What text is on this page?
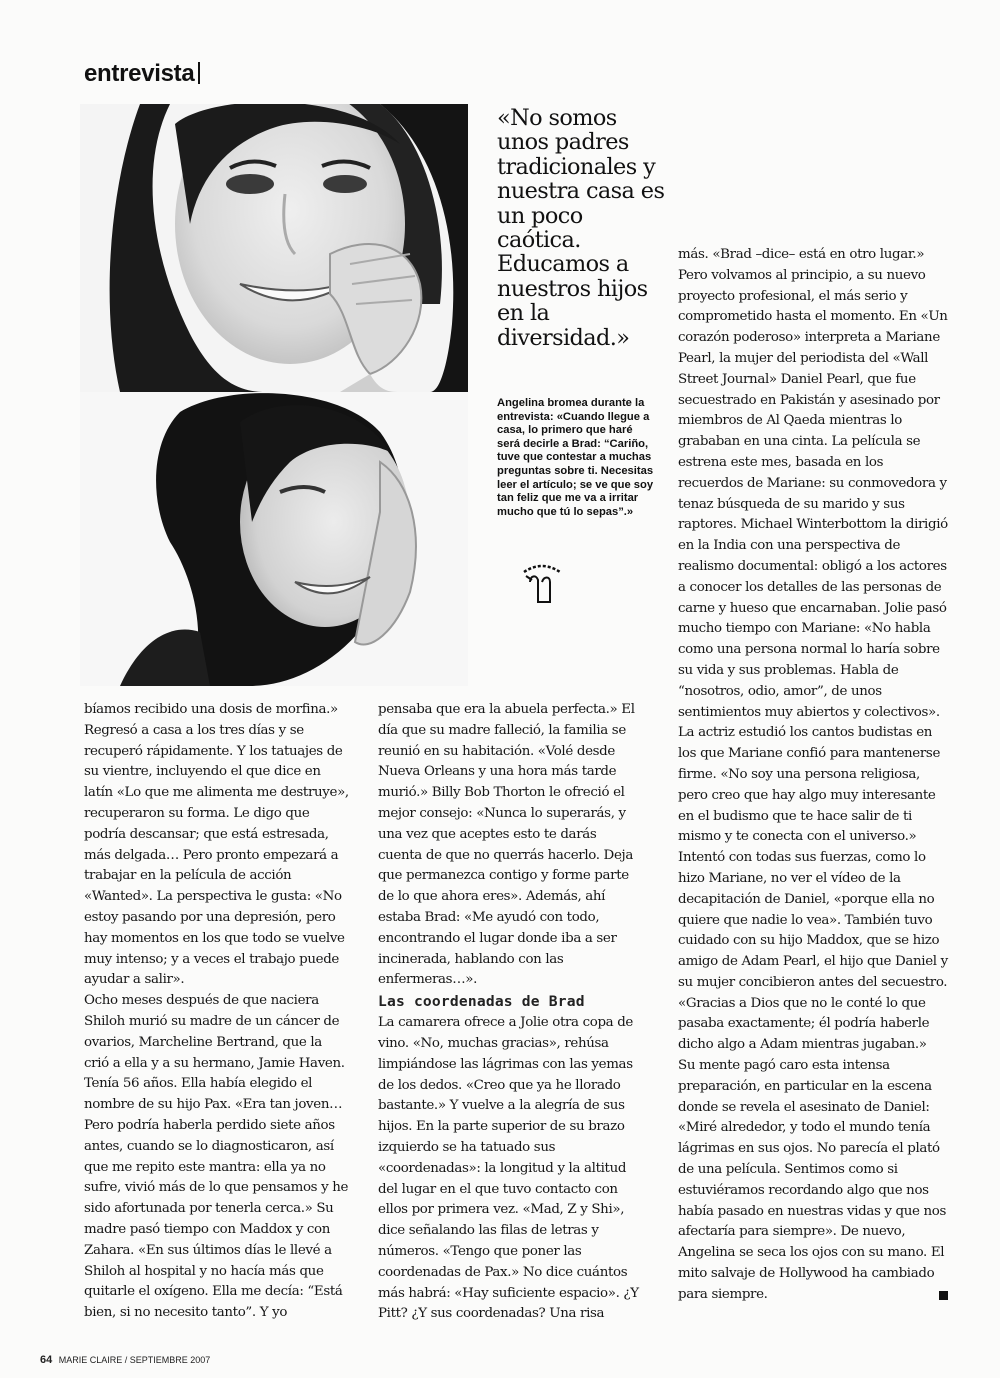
entrevista
«No somos unos padres tradicionales y nuestra casa es un poco caótica. Educamos a nuestros hijos en la diversidad.»
Angelina bromea durante la entrevista: «Cuando llegue a casa, lo primero que haré será decirle a Brad: “Cariño, tuve que contestar a muchas preguntas sobre ti. Necesitas leer el artículo; se ve que soy tan feliz que me va a irritar mucho que tú lo sepas”.»

bíamos recibido una dosis de morfina.» Regresó a casa a los tres días y se recuperó rápidamente. Y los tatuajes de su vientre, incluyendo el que dice en latín «Lo que me alimenta me destruye», recuperaron su forma. Le digo que podría descansar; que está estresada, más delgada… Pero pronto empezará a trabajar en la película de acción «Wanted». La perspectiva le gusta: «No estoy pasando por una depresión, pero hay momentos en los que todo se vuelve muy intenso; y a veces el trabajo puede ayudar a salir».

Ocho meses después de que naciera Shiloh murió su madre de un cáncer de ovarios, Marcheline Bertrand, que la crió a ella y a su hermano, Jamie Haven. Tenía 56 años. Ella había elegido el nombre de su hijo Pax. «Era tan joven… Pero podría haberla perdido siete años antes, cuando se lo diagnosticaron, así que me repito este mantra: ella ya no sufre, vivió más de lo que pensamos y he sido afortunada por tenerla cerca.» Su madre pasó tiempo con Maddox y con Zahara. «En sus últimos días le llevé a Shiloh al hospital y no hacía más que quitarle el oxígeno. Ella me decía: “Está bien, si no necesito tanto”. Y yo

pensaba que era la abuela perfecta.» El día que su madre falleció, la familia se reunió en su habitación. «Volé desde Nueva Orleans y una hora más tarde murió.» Billy Bob Thorton le ofreció el mejor consejo: «Nunca lo superarás, y una vez que aceptes esto te darás cuenta de que no querrás hacerlo. Deja que permanezca contigo y forme parte de lo que ahora eres». Además, ahí estaba Brad: «Me ayudó con todo, encontrando el lugar donde iba a ser incinerada, hablando con las enfermeras…».

Las coordenadas de Brad

La camarera ofrece a Jolie otra copa de vino. «No, muchas gracias», rehúsa limpiándose las lágrimas con las yemas de los dedos. «Creo que ya he llorado bastante.» Y vuelve a la alegría de sus hijos. En la parte superior de su brazo izquierdo se ha tatuado sus «coordenadas»: la longitud y la altitud del lugar en el que tuvo contacto con ellos por primera vez. «Mad, Z y Shi», dice señalando las filas de letras y números. «Tengo que poner las coordenadas de Pax.» No dice cuántos más habrá: «Hay suficiente espacio». ¿Y Pitt? ¿Y sus coordenadas? Una risa

más. «Brad –dice– está en otro lugar.» Pero volvamos al principio, a su nuevo proyecto profesional, el más serio y comprometido hasta el momento. En «Un corazón poderoso» interpreta a Mariane Pearl, la mujer del periodista del «Wall Street Journal» Daniel Pearl, que fue secuestrado en Pakistán y asesinado por miembros de Al Qaeda mientras lo grababan en una cinta. La película se estrena este mes, basada en los recuerdos de Mariane: su conmovedora y tenaz búsqueda de su marido y sus raptores. Michael Winterbottom la dirigió en la India con una perspectiva de realismo documental: obligó a los actores a conocer los detalles de las personas de carne y hueso que encarnaban. Jolie pasó mucho tiempo con Mariane: «No habla como una persona normal lo haría sobre su vida y sus problemas. Habla de “nosotros, odio, amor”, de unos sentimientos muy abiertos y colectivos».

La actriz estudió los cantos budistas en los que Mariane confió para mantenerse firme. «No soy una persona religiosa, pero creo que hay algo muy interesante en el budismo que te hace salir de ti mismo y te conecta con el universo.» Intentó con todas sus fuerzas, como lo hizo Mariane, no ver el vídeo de la decapitación de Daniel, «porque ella no quiere que nadie lo vea». También tuvo cuidado con su hijo Maddox, que se hizo amigo de Adam Pearl, el hijo que Daniel y su mujer concibieron antes del secuestro. «Gracias a Dios que no le conté lo que pasaba exactamente; él podría haberle dicho algo a Adam mientras jugaban.»

Su mente pagó caro esta intensa preparación, en particular en la escena donde se revela el asesinato de Daniel: «Miré alrededor, y todo el mundo tenía lágrimas en sus ojos. No parecía el plató de una película. Sentimos como si estuviéramos recordando algo que nos había pasado en nuestras vidas y que nos afectaría para siempre». De nuevo, Angelina se seca los ojos con su mano. El mito salvaje de Hollywood ha cambiado para siempre.

64 MARIE CLAIRE / SEPTIEMBRE 2007
